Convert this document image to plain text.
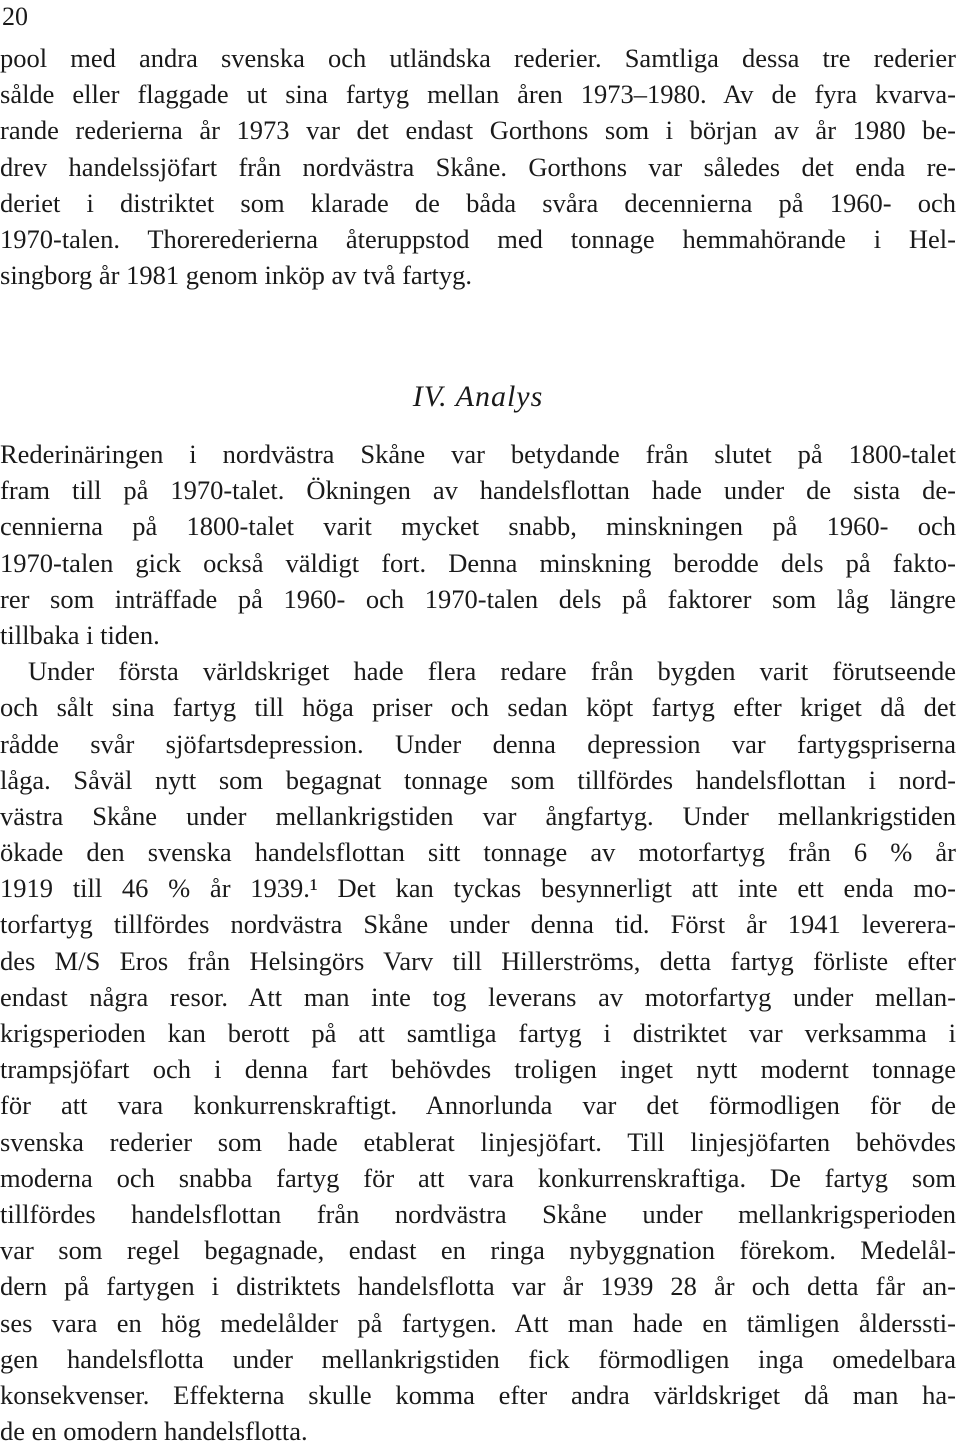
20
pool med andra svenska och utländska rederier. Samtliga dessa tre rederier
sålde eller flaggade ut sina fartyg mellan åren 1973–1980. Av de fyra kvarva-
rande rederierna år 1973 var det endast Gorthons som i början av år 1980 be-
drev handelssjöfart från nordvästra Skåne. Gorthons var således det enda re-
deriet i distriktet som klarade de båda svåra decennierna på 1960- och
1970-talen. Thorerederierna återuppstod med tonnage hemmahörande i Hel-
singborg år 1981 genom inköp av två fartyg.
IV. Analys
Rederinäringen i nordvästra Skåne var betydande från slutet på 1800-talet
fram till på 1970-talet. Ökningen av handelsflottan hade under de sista de-
cennierna på 1800-talet varit mycket snabb, minskningen på 1960- och
1970-talen gick också väldigt fort. Denna minskning berodde dels på fakto-
rer som inträffade på 1960- och 1970-talen dels på faktorer som låg längre
tillbaka i tiden.
Under första världskriget hade flera redare från bygden varit förutseende
och sålt sina fartyg till höga priser och sedan köpt fartyg efter kriget då det
rådde svår sjöfartsdepression. Under denna depression var fartygspriserna
låga. Såväl nytt som begagnat tonnage som tillfördes handelsflottan i nord-
västra Skåne under mellankrigstiden var ångfartyg. Under mellankrigstiden
ökade den svenska handelsflottan sitt tonnage av motorfartyg från 6 % år
1919 till 46 % år 1939.¹ Det kan tyckas besynnerligt att inte ett enda mo-
torfartyg tillfördes nordvästra Skåne under denna tid. Först år 1941 leverera-
des M/S Eros från Helsingörs Varv till Hillerströms, detta fartyg förliste efter
endast några resor. Att man inte tog leverans av motorfartyg under mellan-
krigsperioden kan berott på att samtliga fartyg i distriktet var verksamma i
trampsjöfart och i denna fart behövdes troligen inget nytt modernt tonnage
för att vara konkurrenskraftigt. Annorlunda var det förmodligen för de
svenska rederier som hade etablerat linjesjöfart. Till linjesjöfarten behövdes
moderna och snabba fartyg för att vara konkurrenskraftiga. De fartyg som
tillfördes handelsflottan från nordvästra Skåne under mellankrigsperioden
var som regel begagnade, endast en ringa nybyggnation förekom. Medelål-
dern på fartygen i distriktets handelsflotta var år 1939 28 år och detta får an-
ses vara en hög medelålder på fartygen. Att man hade en tämligen ålderssti-
gen handelsflotta under mellankrigstiden fick förmodligen inga omedelbara
konsekvenser. Effekterna skulle komma efter andra världskriget då man ha-
de en omodern handelsflotta.
